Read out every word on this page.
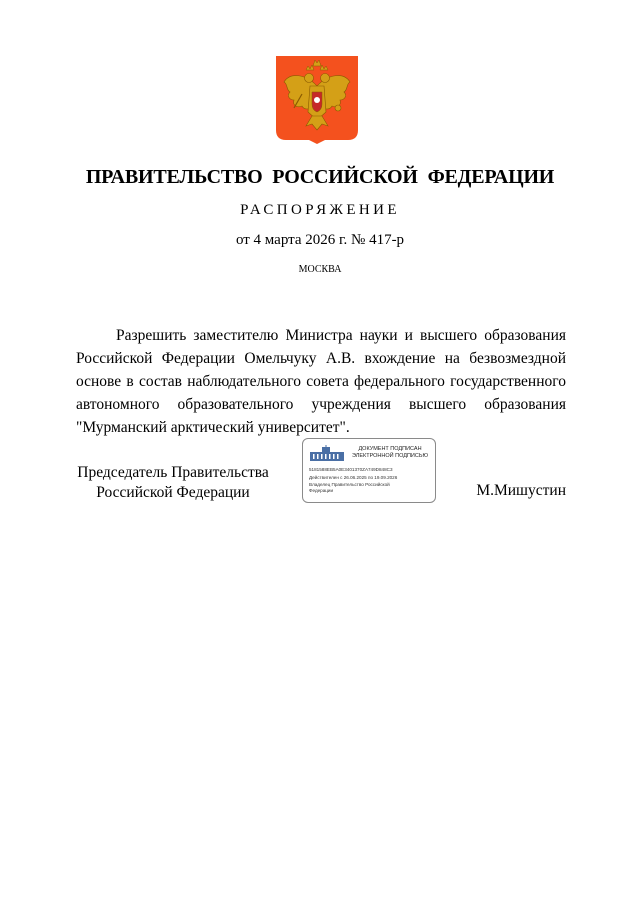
ПРАВИТЕЛЬСТВО РОССИЙСКОЙ ФЕДЕРАЦИИ
РАСПОРЯЖЕНИЕ
от 4 марта 2026 г. № 417-р
МОСКВА

Разрешить заместителю Министра науки и высшего образования Российской Федерации Омельчуку А.В. вхождение на безвозмездной основе в состав наблюдательного совета федерального государственного автономного образовательного учреждения высшего образования "Мурманский арктический университет".

Председатель Правительства
Российской Федерации
ДОКУМЕНТ ПОДПИСАН
ЭЛЕКТРОННОЙ ПОДПИСЬЮ
5181588EB5A0E3401370ZA749D848C3
Действителен с 26.06.2025 по 19.09.2026
Владелец Правительство Российской Федерации	М.Мишустин
